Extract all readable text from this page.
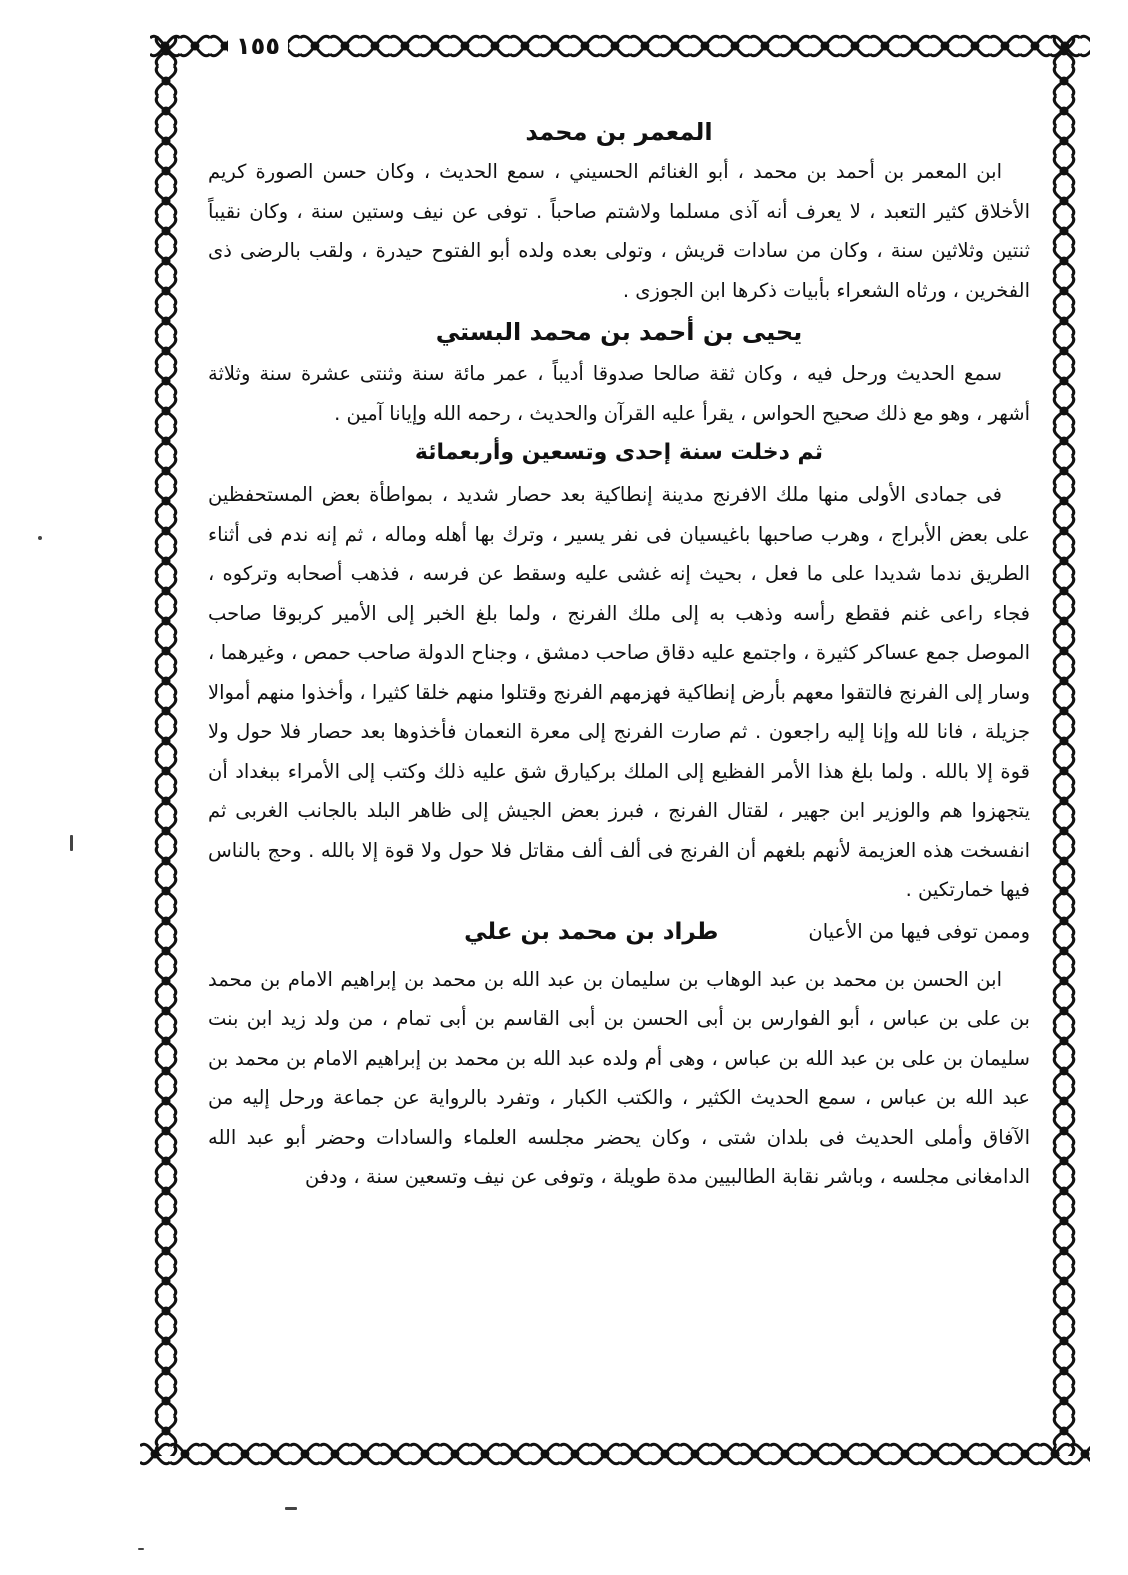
١٥٥
المعمر بن محمد

ابن المعمر بن أحمد بن محمد ، أبو الغنائم الحسيني ، سمع الحديث ، وكان حسن الصورة كريم الأخلاق كثير التعبد ، لا يعرف أنه آذى مسلما ولاشتم صاحباً . توفى عن نيف وستين سنة ، وكان نقيباً ثنتين وثلاثين سنة ، وكان من سادات قريش ، وتولى بعده ولده أبو الفتوح حيدرة ، ولقب بالرضى ذى الفخرين ، ورثاه الشعراء بأبيات ذكرها ابن الجوزى .

يحيى بن أحمد بن محمد البستي

سمع الحديث ورحل فيه ، وكان ثقة صالحا صدوقا أديباً ، عمر مائة سنة وثنتى عشرة سنة وثلاثة أشهر ، وهو مع ذلك صحيح الحواس ، يقرأ عليه القرآن والحديث ، رحمه الله وإيانا آمين .

ثم دخلت سنة إحدى وتسعين وأربعمائة

فى جمادى الأولى منها ملك الافرنج مدينة إنطاكية بعد حصار شديد ، بمواطأة بعض المستحفظين على بعض الأبراج ، وهرب صاحبها باغيسيان فى نفر يسير ، وترك بها أهله وماله ، ثم إنه ندم فى أثناء الطريق ندما شديدا على ما فعل ، بحيث إنه غشى عليه وسقط عن فرسه ، فذهب أصحابه وتركوه ، فجاء راعى غنم فقطع رأسه وذهب به إلى ملك الفرنج ، ولما بلغ الخبر إلى الأمير كربوقا صاحب الموصل جمع عساكر كثيرة ، واجتمع عليه دقاق صاحب دمشق ، وجناح الدولة صاحب حمص ، وغيرهما ، وسار إلى الفرنج فالتقوا معهم بأرض إنطاكية فهزمهم الفرنج وقتلوا منهم خلقا كثيرا ، وأخذوا منهم أموالا جزيلة ، فانا لله وإنا إليه راجعون . ثم صارت الفرنج إلى معرة النعمان فأخذوها بعد حصار فلا حول ولا قوة إلا بالله . ولما بلغ هذا الأمر الفظيع إلى الملك بركيارق شق عليه ذلك وكتب إلى الأمراء ببغداد أن يتجهزوا هم والوزير ابن جهير ، لقتال الفرنج ، فبرز بعض الجيش إلى ظاهر البلد بالجانب الغربى ثم انفسخت هذه العزيمة لأنهم بلغهم أن الفرنج فى ألف ألف مقاتل فلا حول ولا قوة إلا بالله . وحج بالناس فيها خمارتكين .

وممن توفى فيها من الأعيان
طراد بن محمد بن علي

ابن الحسن بن محمد بن عبد الوهاب بن سليمان بن عبد الله بن محمد بن إبراهيم الامام بن محمد بن على بن عباس ، أبو الفوارس بن أبى الحسن بن أبى القاسم بن أبى تمام ، من ولد زيد ابن بنت سليمان بن على بن عبد الله بن عباس ، وهى أم ولده عبد الله بن محمد بن إبراهيم الامام بن محمد بن عبد الله بن عباس ، سمع الحديث الكثير ، والكتب الكبار ، وتفرد بالرواية عن جماعة ورحل إليه من الآفاق وأملى الحديث فى بلدان شتى ، وكان يحضر مجلسه العلماء والسادات وحضر أبو عبد الله الدامغانى مجلسه ، وباشر نقابة الطالبيين مدة طويلة ، وتوفى عن نيف وتسعين سنة ، ودفن
